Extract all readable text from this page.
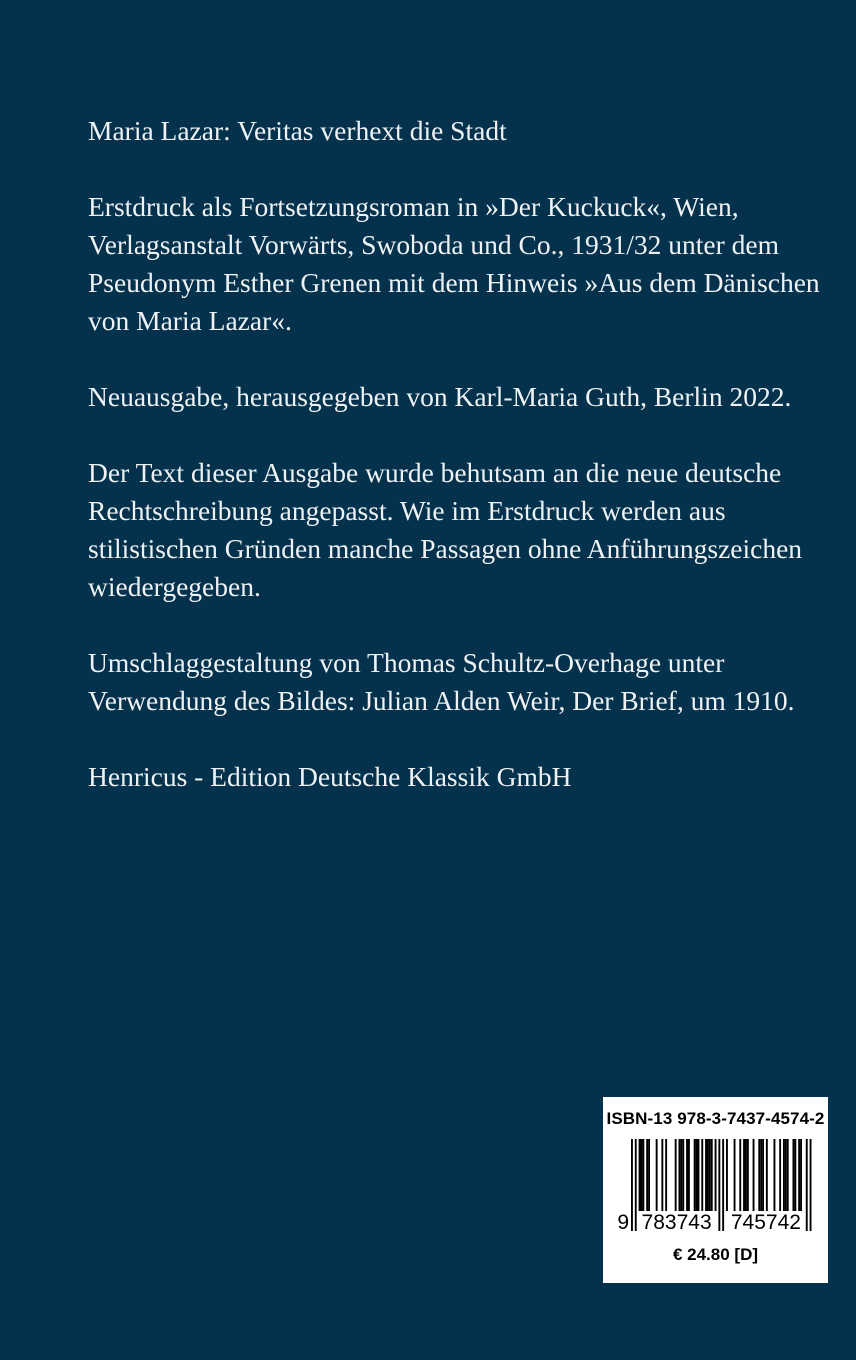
Maria Lazar: Veritas verhext die Stadt

Erstdruck als Fortsetzungsroman in »Der Kuckuck«, Wien, Verlagsanstalt Vorwärts, Swoboda und Co., 1931/32 unter dem Pseudonym Esther Grenen mit dem Hinweis »Aus dem Dänischen von Maria Lazar«.

Neuausgabe, herausgegeben von Karl-Maria Guth, Berlin 2022.

Der Text dieser Ausgabe wurde behutsam an die neue deutsche Rechtschreibung angepasst. Wie im Erstdruck werden aus stilistischen Gründen manche Passagen ohne Anführungszeichen wiedergegeben.

Umschlaggestaltung von Thomas Schultz-Overhage unter Verwendung des Bildes: Julian Alden Weir, Der Brief, um 1910.

Henricus - Edition Deutsche Klassik GmbH

ISBN-13 978-3-7437-4574-2
9 783743 745742
€ 24.80 [D]
